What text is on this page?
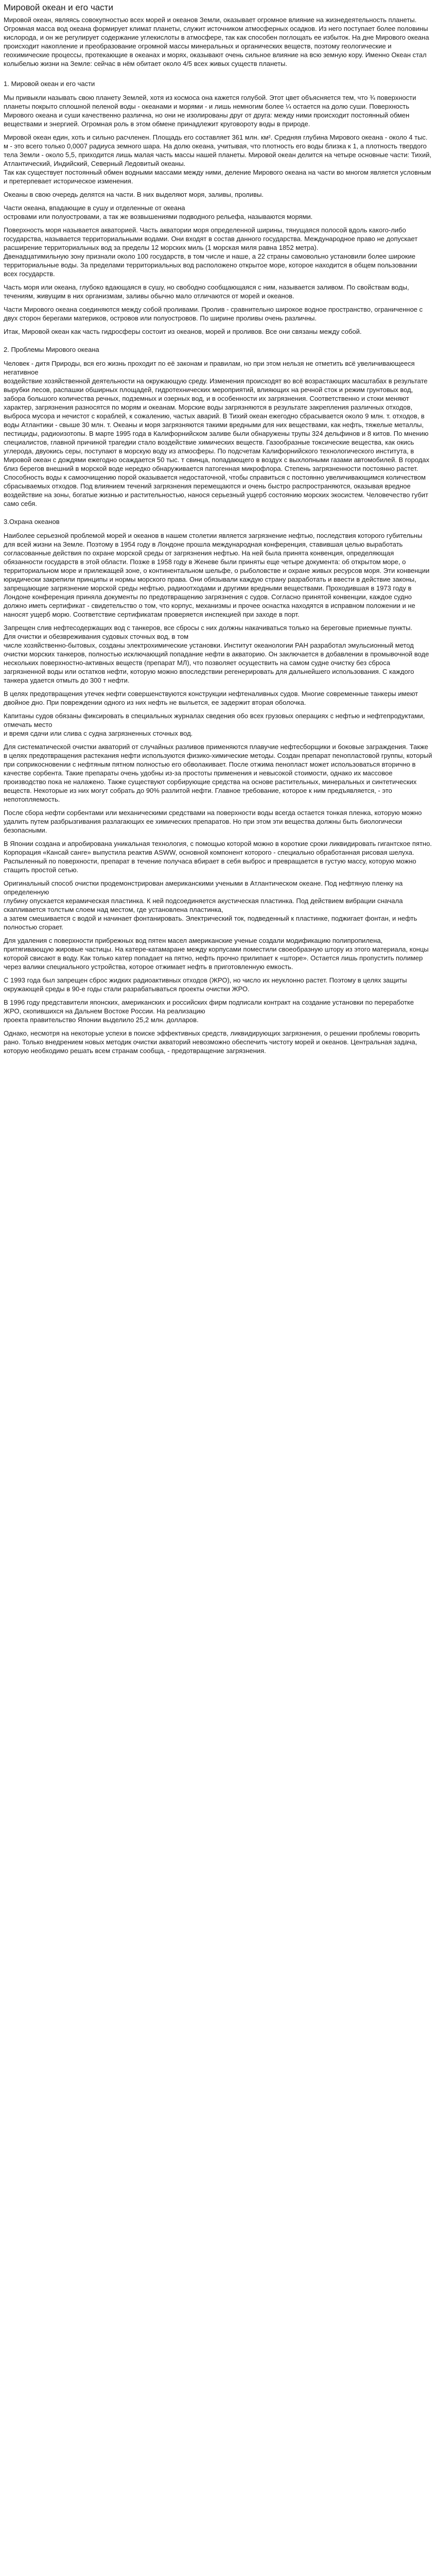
Мировой океан и его части

Мировой океан, являясь совокупностью всех морей и океанов Земли, оказывает огромное влияние на жизнедеятельность планеты. Огромная масса вод океана формирует климат планеты, служит источником атмосферных осадков. Из него поступает более половины кислорода, и он же регулирует содержание углекислоты в атмосфере, так как способен поглощать ее избыток. На дне Мирового океана происходит накопление и преобразование огромной массы минеральных и органических веществ, поэтому геологические и геохимические процессы, протекающие в океанах и морях, оказывают очень сильное влияние на всю земную кору. Именно Океан стал колыбелью жизни на Земле: сейчас в нём обитает около 4/5 всех живых существ планеты.

1. Мировой океан и его части

Мы привыкли называть свою планету Землей, хотя из космоса она кажется голубой. Этот цвет объясняется тем, что ¾ поверхности планеты покрыто сплошной пеленой воды - океанами и морями - и лишь немногим более ¼ остается на долю суши. Поверхность Мирового океана и суши качественно различна, но они не изолированы друг от друга: между ними происходит постоянный обмен веществами и энергией. Огромная роль в этом обмене принадлежит круговороту воды в природе.

Мировой океан един, хоть и сильно расчленен. Площадь его составляет 361 млн. км². Средняя глубина Мирового океана - около 4 тыс. м - это всего только 0,0007 радиуса земного шара. На долю океана, учитывая, что плотность его воды близка к 1, а плотность твердого тела Земли - около 5,5, приходится лишь малая часть массы нашей планеты. Мировой океан делится на четыре основные части: Тихий, Атлантический, Индийский, Северный Ледовитый океаны.
Так как существует постоянный обмен водными массами между ними, деление Мирового океана на части во многом является условным и претерпевает историческое изменения.

Океаны в свою очередь делятся на части. В них выделяют моря, заливы, проливы.

Части океана, впадающие в сушу и отделенные от океана
островами или полуостровами, а так же возвышениями подводного рельефа, называются морями.

Поверхность моря называется акваторией. Часть акватории моря определенной ширины, тянущаяся полосой вдоль какого-либо государства, называется территориальными водами. Они входят в состав данного государства. Международное право не допускает расширение территориальных вод за пределы 12 морских миль (1 морская миля равна 1852 метра).
Двенадцатимильную зону признали около 100 государств, в том числе и наше, а 22 страны самовольно установили более широкие территориальные воды. За пределами территориальных вод расположено открытое море, которое находится в общем пользовании всех государств.

Часть моря или океана, глубоко вдающаяся в сушу, но свободно сообщающаяся с ним, называется заливом. По свойствам воды, течениям, живущим в них организмам, заливы обычно мало отличаются от морей и океанов.

Части Мирового океана соединяются между собой проливами. Пролив - сравнительно широкое водное пространство, ограниченное с двух сторон берегами материков, островов или полуостровов. По ширине проливы очень различны.

Итак, Мировой океан как часть гидросферы состоит из океанов, морей и проливов. Все они связаны между собой.

2. Проблемы Мирового океана

Человек - дитя Природы, вся его жизнь проходит по её законам и правилам, но при этом нельзя не отметить всё увеличивающееся негативное
воздействие хозяйственной деятельности на окружающую среду. Изменения происходят во всё возрастающих масштабах в результате вырубки лесов, распашки обширных площадей, гидротехнических мероприятий, влияющих на речной сток и режим грунтовых вод, забора большого количества речных, подземных и озерных вод, и в особенности их загрязнения. Соответственно и стоки меняют характер, загрязнения разносятся по морям и океанам. Морские воды загрязняются в результате закрепления различных отходов, выброса мусора и нечистот с кораблей, к сожалению, частых аварий. В Тихий океан ежегодно сбрасывается около 9 млн. т. отходов, в воды Атлантики - свыше 30 млн. т. Океаны и моря загрязняются такими вредными для них веществами, как нефть, тяжелые металлы, пестициды, радиоизотопы. В марте 1995 года в Калифорнийском заливе были обнаружены трупы 324 дельфинов и 8 китов. По мнению специалистов, главной причиной трагедии стало воздействие химических веществ. Газообразные токсические вещества, как окись углерода, двуокись серы, поступают в морскую воду из атмосферы. По подсчетам Калифорнийского технологического института, в Мировой океан с дождями ежегодно осаждается 50 тыс. т свинца, попадающего в воздух с выхлопными газами автомобилей. В городах близ берегов внешний в морской воде нередко обнаруживается патогенная микрофлора. Степень загрязненности постоянно растет. Способность воды к самоочищению порой оказывается недостаточной, чтобы справиться с постоянно увеличивающимся количеством сбрасываемых отходов. Под влиянием течений загрязнения перемещаются и очень быстро распространяются, оказывая вредное воздействие на зоны, богатые жизнью и растительностью, нанося серьезный ущерб состоянию морских экосистем. Человечество губит само себя.

3.Охрана океанов

Наиболее серьезной проблемой морей и океанов в нашем столетии является загрязнение нефтью, последствия которого губительны для всей жизни на Земле. Поэтому в 1954 году в Лондоне прошла международная конференция, ставившая целью выработать согласованные действия по охране морской среды от загрязнения нефтью. На ней была принята конвенция, определяющая обязанности государств в этой области. Позже в 1958 году в Женеве были приняты еще четыре документа: об открытом море, о территориальном море и прилежащей зоне, о континентальном шельфе, о рыболовстве и охране живых ресурсов моря. Эти конвенции юридически закрепили принципы и нормы морского права. Они обязывали каждую страну разработать и ввести в действие законы, запрещающие загрязнение морской среды нефтью, радиоотходами и другими вредными веществами. Проходившая в 1973 году в Лондоне конференция приняла документы по предотвращению загрязнения с судов. Согласно принятой конвенции, каждое судно должно иметь сертификат - свидетельство о том, что корпус, механизмы и прочее оснастка находятся в исправном положении и не наносят ущерб морю. Соответствие сертификатам проверяется инспекцией при заходе в порт.

Запрещен слив нефтесодержащих вод с танкеров, все сбросы с них должны накачиваться только на береговые приемные пункты.
Для очистки и обезвреживания судовых сточных вод, в том
числе хозяйственно-бытовых, созданы электрохимические установки. Институт океанологии РАН разработал эмульсионный метод очистки морских танкеров, полностью исключающий попадание нефти в акваторию. Он заключается в добавлении в промывочной воде нескольких поверхностно-активных веществ (препарат МЛ), что позволяет осуществить на самом судне очистку без сброса загрязненной воды или остатков нефти, которую можно впоследствии регенерировать для дальнейшего использования. С каждого танкера удается отмыть до 300 т нефти.

В целях предотвращения утечек нефти совершенствуются конструкции нефтеналивных судов. Многие современные танкеры имеют двойное дно. При повреждении одного из них нефть не выльется, ее задержит вторая оболочка.

Капитаны судов обязаны фиксировать в специальных журналах сведения обо всех грузовых операциях с нефтью и нефтепродуктами, отмечать место
и время сдачи или слива с судна загрязненных сточных вод.

Для систематической очистки акваторий от случайных разливов применяются плавучие нефтесборщики и боковые заграждения. Также в целях предотвращения растекания нефти используются физико-химические методы. Создан препарат пенопластовой группы, который при соприкосновении с нефтяным пятном полностью его обволакивает. После отжима пенопласт может использоваться вторично в качестве сорбента. Такие препараты очень удобны из-за простоты применения и невысокой стоимости, однако их массовое производство пока не налажено. Также существуют сорбирующие средства на основе растительных, минеральных и синтетических веществ. Некоторые из них могут собрать до 90% разлитой нефти. Главное требование, которое к ним предъявляется, - это непотопляемость.

После сбора нефти сорбентами или механическими средствами на поверхности воды всегда остается тонкая пленка, которую можно удалить путем разбрызгивания разлагающих ее химических препаратов. Но при этом эти вещества должны быть биологически безопасными.

В Японии создана и апробирована уникальная технология, с помощью которой можно в короткие сроки ликвидировать гигантское пятно. Корпорация «Кансай санге» выпустила реактив ASWW, основной компонент которого - специально обработанная рисовая шелуха. Распыленный по поверхности, препарат в течение получаса вбирает в себя выброс и превращается в густую массу, которую можно стащить простой сетью.

Оригинальный способ очистки продемонстрирован американскими учеными в Атлантическом океане. Под нефтяную пленку на определенную
глубину опускается керамическая пластинка. К ней подсоединяется акустическая пластинка. Под действием вибрации сначала скапливается толстым слоем над местом, где установлена пластинка,
а затем смешивается с водой и начинает фонтанировать. Электрический ток, подведенный к пластинке, поджигает фонтан, и нефть полностью сгорает.

Для удаления с поверхности прибрежных вод пятен масел американские ученые создали модификацию полипропилена, притягивающую жировые частицы. На катере-катамаране между корпусами поместили своеобразную штору из этого материала, концы которой свисают в воду. Как только катер попадает на пятно, нефть прочно прилипает к «шторе». Остается лишь пропустить полимер через валики специального устройства, которое отжимает нефть в приготовленную емкость.

С 1993 года был запрещен сброс жидких радиоактивных отходов (ЖРО), но число их неуклонно растет. Поэтому в целях защиты окружающей среды в 90-е годы стали разрабатываться проекты очистки ЖРО.

В 1996 году представители японских, американских и российских фирм подписали контракт на создание установки по переработке ЖРО, скопившихся на Дальнем Востоке России. На реализацию
проекта правительство Японии выделило 25,2 млн. долларов.

Однако, несмотря на некоторые успехи в поиске эффективных средств, ликвидирующих загрязнения, о решении проблемы говорить рано. Только внедрением новых методик очистки акваторий невозможно обеспечить чистоту морей и океанов. Центральная задача, которую необходимо решать всем странам сообща, - предотвращение загрязнения.
